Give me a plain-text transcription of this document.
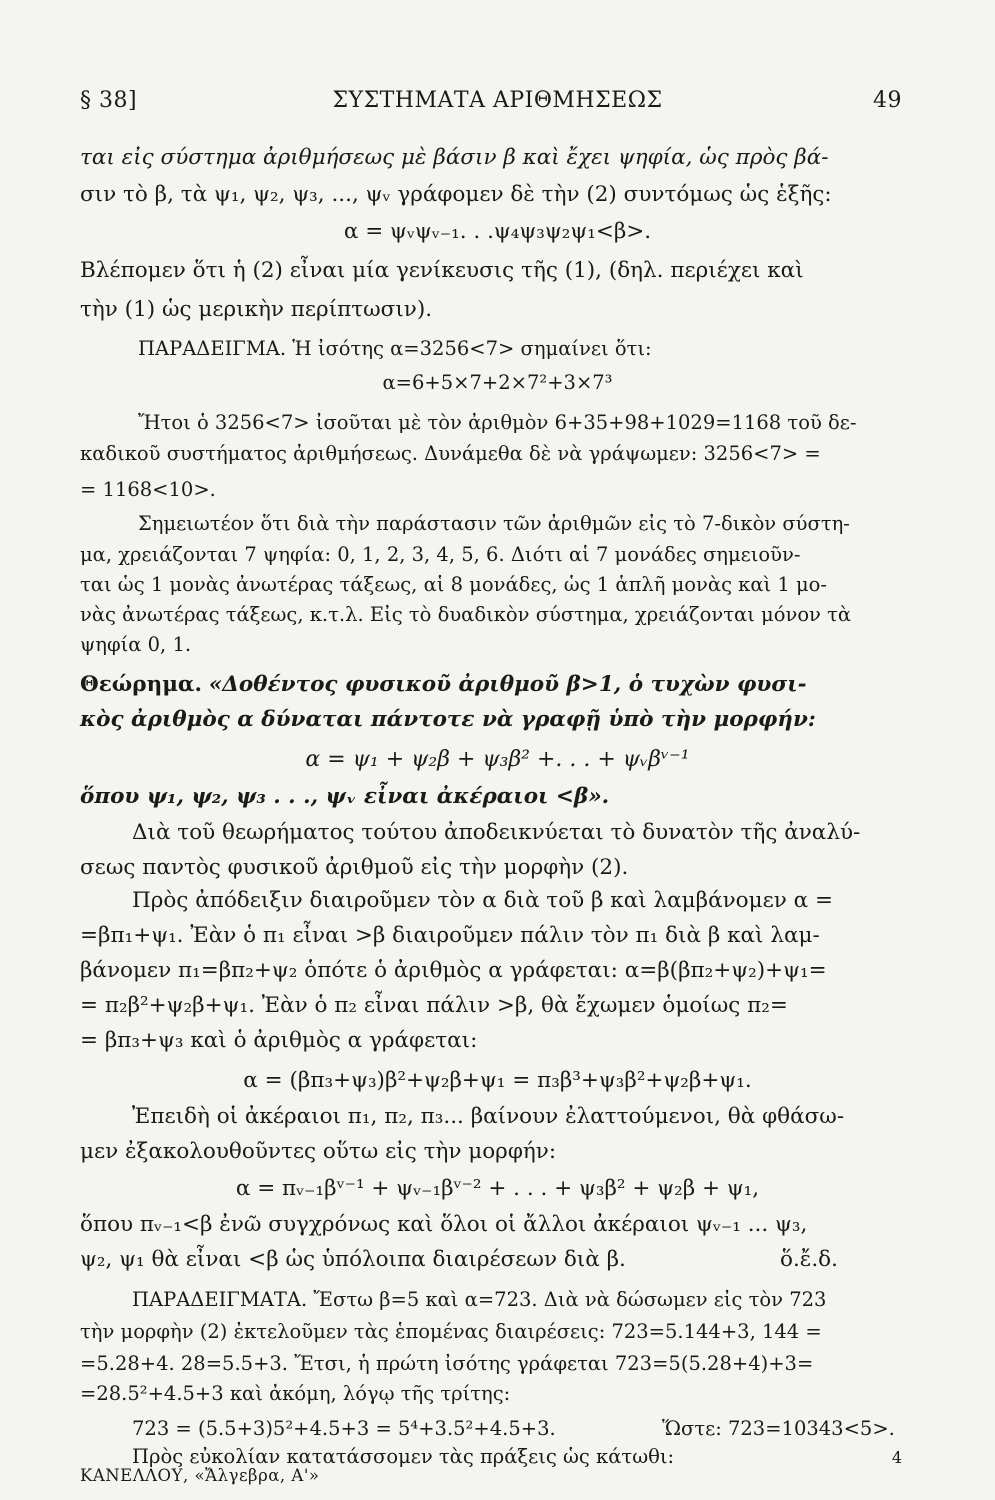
§ 38]	ΣΥΣΤΗΜΑΤΑ ΑΡΙΘΜΗΣΕΩΣ	49
ται εἰς σύστημα ἀριθμήσεως μὲ βάσιν β καὶ ἔχει ψηφία, ὡς πρὸς βά-
σιν τὸ β, τὰ ψ₁, ψ₂, ψ₃, ..., ψᵥ γράφομεν δὲ τὴν (2) συντόμως ὡς ἑξῆς:
α = ψᵥψᵥ₋₁. . .ψ₄ψ₃ψ₂ψ₁<β>.
Βλέπομεν ὅτι ἡ (2) εἶναι μία γενίκευσις τῆς (1), (δηλ. περιέχει καὶ
τὴν (1) ὡς μερικὴν περίπτωσιν).
ΠΑΡΑΔΕΙΓΜΑ. Ἡ ἰσότης α=3256<7> σημαίνει ὅτι:
α=6+5×7+2×7²+3×7³
Ἤτοι ὁ 3256<7> ἰσοῦται μὲ τὸν ἀριθμὸν 6+35+98+1029=1168 τοῦ δε-
καδικοῦ συστήματος ἀριθμήσεως. Δυνάμεθα δὲ νὰ γράψωμεν: 3256<7> =
= 1168<10>.
Σημειωτέον ὅτι διὰ τὴν παράστασιν τῶν ἀριθμῶν εἰς τὸ 7-δικὸν σύστη-
μα, χρειάζονται 7 ψηφία: 0, 1, 2, 3, 4, 5, 6. Διότι αἱ 7 μονάδες σημειοῦν-
ται ὡς 1 μονὰς ἀνωτέρας τάξεως, αἱ 8 μονάδες, ὡς 1 ἁπλῆ μονὰς καὶ 1 μο-
νὰς ἀνωτέρας τάξεως, κ.τ.λ. Εἰς τὸ δυαδικὸν σύστημα, χρειάζονται μόνον τὰ
ψηφία 0, 1.
Θεώρημα. «Δοθέντος φυσικοῦ ἀριθμοῦ β>1, ὁ τυχὼν φυσι-
κὸς ἀριθμὸς α δύναται πάντοτε νὰ γραφῇ ὑπὸ τὴν μορφήν:
α = ψ₁ + ψ₂β + ψ₃β² +. . . + ψᵥβᵛ⁻¹
ὅπου ψ₁, ψ₂, ψ₃ . . ., ψᵥ εἶναι ἀκέραιοι <β».
Διὰ τοῦ θεωρήματος τούτου ἀποδεικνύεται τὸ δυνατὸν τῆς ἀναλύ-
σεως παντὸς φυσικοῦ ἀριθμοῦ εἰς τὴν μορφὴν (2).
Πρὸς ἀπόδειξιν διαιροῦμεν τὸν α διὰ τοῦ β καὶ λαμβάνομεν α =
=βπ₁+ψ₁. Ἐὰν ὁ π₁ εἶναι >β διαιροῦμεν πάλιν τὸν π₁ διὰ β καὶ λαμ-
βάνομεν π₁=βπ₂+ψ₂ ὁπότε ὁ ἀριθμὸς α γράφεται: α=β(βπ₂+ψ₂)+ψ₁=
= π₂β²+ψ₂β+ψ₁. Ἐὰν ὁ π₂ εἶναι πάλιν >β, θὰ ἔχωμεν ὁμοίως π₂=
= βπ₃+ψ₃ καὶ ὁ ἀριθμὸς α γράφεται:
α = (βπ₃+ψ₃)β²+ψ₂β+ψ₁ = π₃β³+ψ₃β²+ψ₂β+ψ₁.
Ἐπειδὴ οἱ ἀκέραιοι π₁, π₂, π₃... βαίνουν ἐλαττούμενοι, θὰ φθάσω-
μεν ἐξακολουθοῦντες οὕτω εἰς τὴν μορφήν:
α = πᵥ₋₁βᵛ⁻¹ + ψᵥ₋₁βᵛ⁻² + . . . + ψ₃β² + ψ₂β + ψ₁,
ὅπου πᵥ₋₁<β ἐνῶ συγχρόνως καὶ ὅλοι οἱ ἄλλοι ἀκέραιοι ψᵥ₋₁ ... ψ₃,
ψ₂, ψ₁ θὰ εἶναι <β ὡς ὑπόλοιπα διαιρέσεων διὰ β.	ὅ.ἔ.δ.
ΠΑΡΑΔΕΙΓΜΑΤΑ. Ἔστω β=5 καὶ α=723. Διὰ νὰ δώσωμεν εἰς τὸν 723
τὴν μορφὴν (2) ἐκτελοῦμεν τὰς ἑπομένας διαιρέσεις: 723=5.144+3, 144 =
=5.28+4. 28=5.5+3. Ἔτσι, ἡ πρώτη ἰσότης γράφεται 723=5(5.28+4)+3=
=28.5²+4.5+3 καὶ ἀκόμη, λόγῳ τῆς τρίτης:
723 = (5.5+3)5²+4.5+3 = 5⁴+3.5²+4.5+3.	Ὥστε: 723=10343<5>.
Πρὸς εὐκολίαν κατατάσσομεν τὰς πράξεις ὡς κάτωθι:	4
ΚΑΝΕΛΛΟΥ, «Ἄλγεβρα, Α'»
